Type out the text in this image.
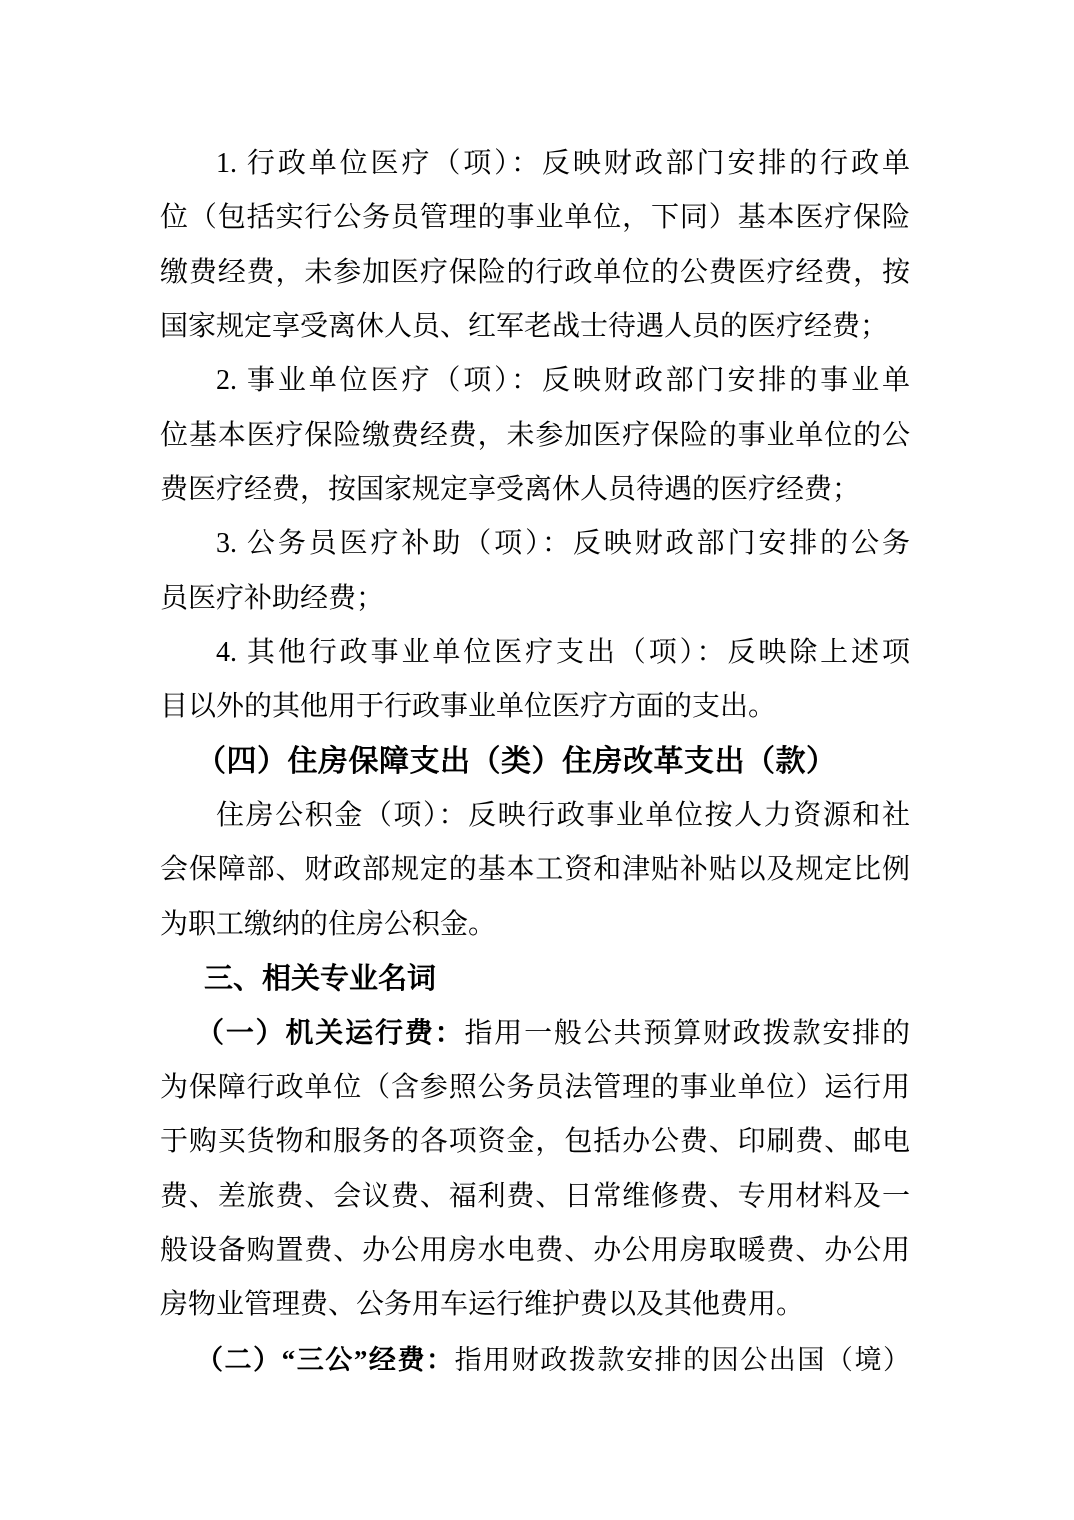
1. 行政单位医疗（项）：反映财政部门安排的行政单
位（包括实行公务员管理的事业单位，下同）基本医疗保险
缴费经费，未参加医疗保险的行政单位的公费医疗经费，按
国家规定享受离休人员、红军老战士待遇人员的医疗经费；
2. 事业单位医疗（项）：反映财政部门安排的事业单
位基本医疗保险缴费经费，未参加医疗保险的事业单位的公
费医疗经费，按国家规定享受离休人员待遇的医疗经费；
3. 公务员医疗补助（项）：反映财政部门安排的公务
员医疗补助经费；
4. 其他行政事业单位医疗支出（项）：反映除上述项
目以外的其他用于行政事业单位医疗方面的支出。
（四）住房保障支出（类）住房改革支出（款）
住房公积金（项）：反映行政事业单位按人力资源和社
会保障部、财政部规定的基本工资和津贴补贴以及规定比例
为职工缴纳的住房公积金。
三、相关专业名词
（一）机关运行费：指用一般公共预算财政拨款安排的
为保障行政单位（含参照公务员法管理的事业单位）运行用
于购买货物和服务的各项资金，包括办公费、印刷费、邮电
费、差旅费、会议费、福利费、日常维修费、专用材料及一
般设备购置费、办公用房水电费、办公用房取暖费、办公用
房物业管理费、公务用车运行维护费以及其他费用。
（二）“三公”经费：指用财政拨款安排的因公出国（境）
